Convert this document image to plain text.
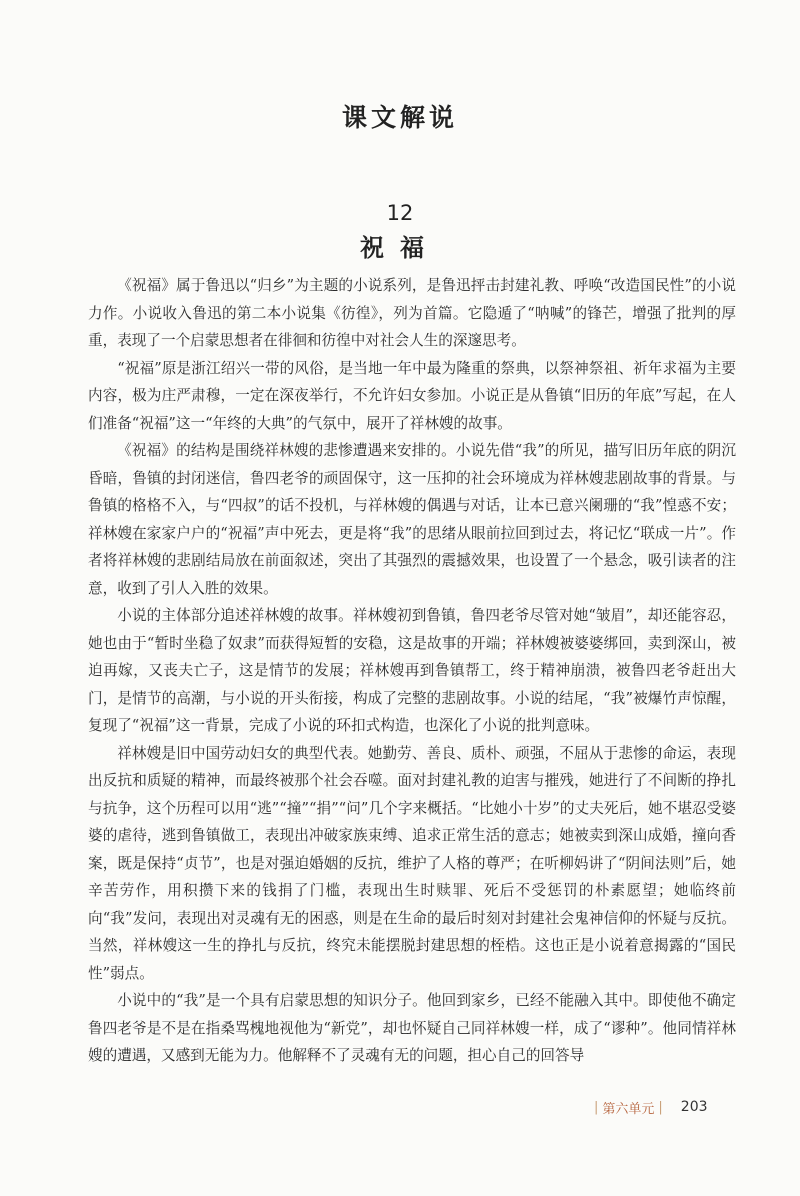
课文解说
12
祝福

《祝福》属于鲁迅以“归乡”为主题的小说系列，是鲁迅抨击封建礼教、呼唤“改造国民性”的小说力作。小说收入鲁迅的第二本小说集《彷徨》，列为首篇。它隐遁了“呐喊”的锋芒，增强了批判的厚重，表现了一个启蒙思想者在徘徊和彷徨中对社会人生的深邃思考。

“祝福”原是浙江绍兴一带的风俗，是当地一年中最为隆重的祭典，以祭神祭祖、祈年求福为主要内容，极为庄严肃穆，一定在深夜举行，不允许妇女参加。小说正是从鲁镇“旧历的年底”写起，在人们准备“祝福”这一“年终的大典”的气氛中，展开了祥林嫂的故事。

《祝福》的结构是围绕祥林嫂的悲惨遭遇来安排的。小说先借“我”的所见，描写旧历年底的阴沉昏暗，鲁镇的封闭迷信，鲁四老爷的顽固保守，这一压抑的社会环境成为祥林嫂悲剧故事的背景。与鲁镇的格格不入，与“四叔”的话不投机，与祥林嫂的偶遇与对话，让本已意兴阑珊的“我”惶惑不安；祥林嫂在家家户户的“祝福”声中死去，更是将“我”的思绪从眼前拉回到过去，将记忆“联成一片”。作者将祥林嫂的悲剧结局放在前面叙述，突出了其强烈的震撼效果，也设置了一个悬念，吸引读者的注意，收到了引人入胜的效果。

小说的主体部分追述祥林嫂的故事。祥林嫂初到鲁镇，鲁四老爷尽管对她“皱眉”，却还能容忍，她也由于“暂时坐稳了奴隶”而获得短暂的安稳，这是故事的开端；祥林嫂被婆婆绑回，卖到深山，被迫再嫁，又丧夫亡子，这是情节的发展；祥林嫂再到鲁镇帮工，终于精神崩溃，被鲁四老爷赶出大门，是情节的高潮，与小说的开头衔接，构成了完整的悲剧故事。小说的结尾，“我”被爆竹声惊醒，复现了“祝福”这一背景，完成了小说的环扣式构造，也深化了小说的批判意味。

祥林嫂是旧中国劳动妇女的典型代表。她勤劳、善良、质朴、顽强，不屈从于悲惨的命运，表现出反抗和质疑的精神，而最终被那个社会吞噬。面对封建礼教的迫害与摧残，她进行了不间断的挣扎与抗争，这个历程可以用“逃”“撞”“捐”“问”几个字来概括。“比她小十岁”的丈夫死后，她不堪忍受婆婆的虐待，逃到鲁镇做工，表现出冲破家族束缚、追求正常生活的意志；她被卖到深山成婚，撞向香案，既是保持“贞节”，也是对强迫婚姻的反抗，维护了人格的尊严；在听柳妈讲了“阴间法则”后，她辛苦劳作，用积攒下来的钱捐了门槛，表现出生时赎罪、死后不受惩罚的朴素愿望；她临终前向“我”发问，表现出对灵魂有无的困惑，则是在生命的最后时刻对封建社会鬼神信仰的怀疑与反抗。当然，祥林嫂这一生的挣扎与反抗，终究未能摆脱封建思想的桎梏。这也正是小说着意揭露的“国民性”弱点。

小说中的“我”是一个具有启蒙思想的知识分子。他回到家乡，已经不能融入其中。即使他不确定鲁四老爷是不是在指桑骂槐地视他为“新党”，却也怀疑自己同祥林嫂一样，成了“谬种”。他同情祥林嫂的遭遇，又感到无能为力。他解释不了灵魂有无的问题，担心自己的回答导

| 第六单元 | 203
